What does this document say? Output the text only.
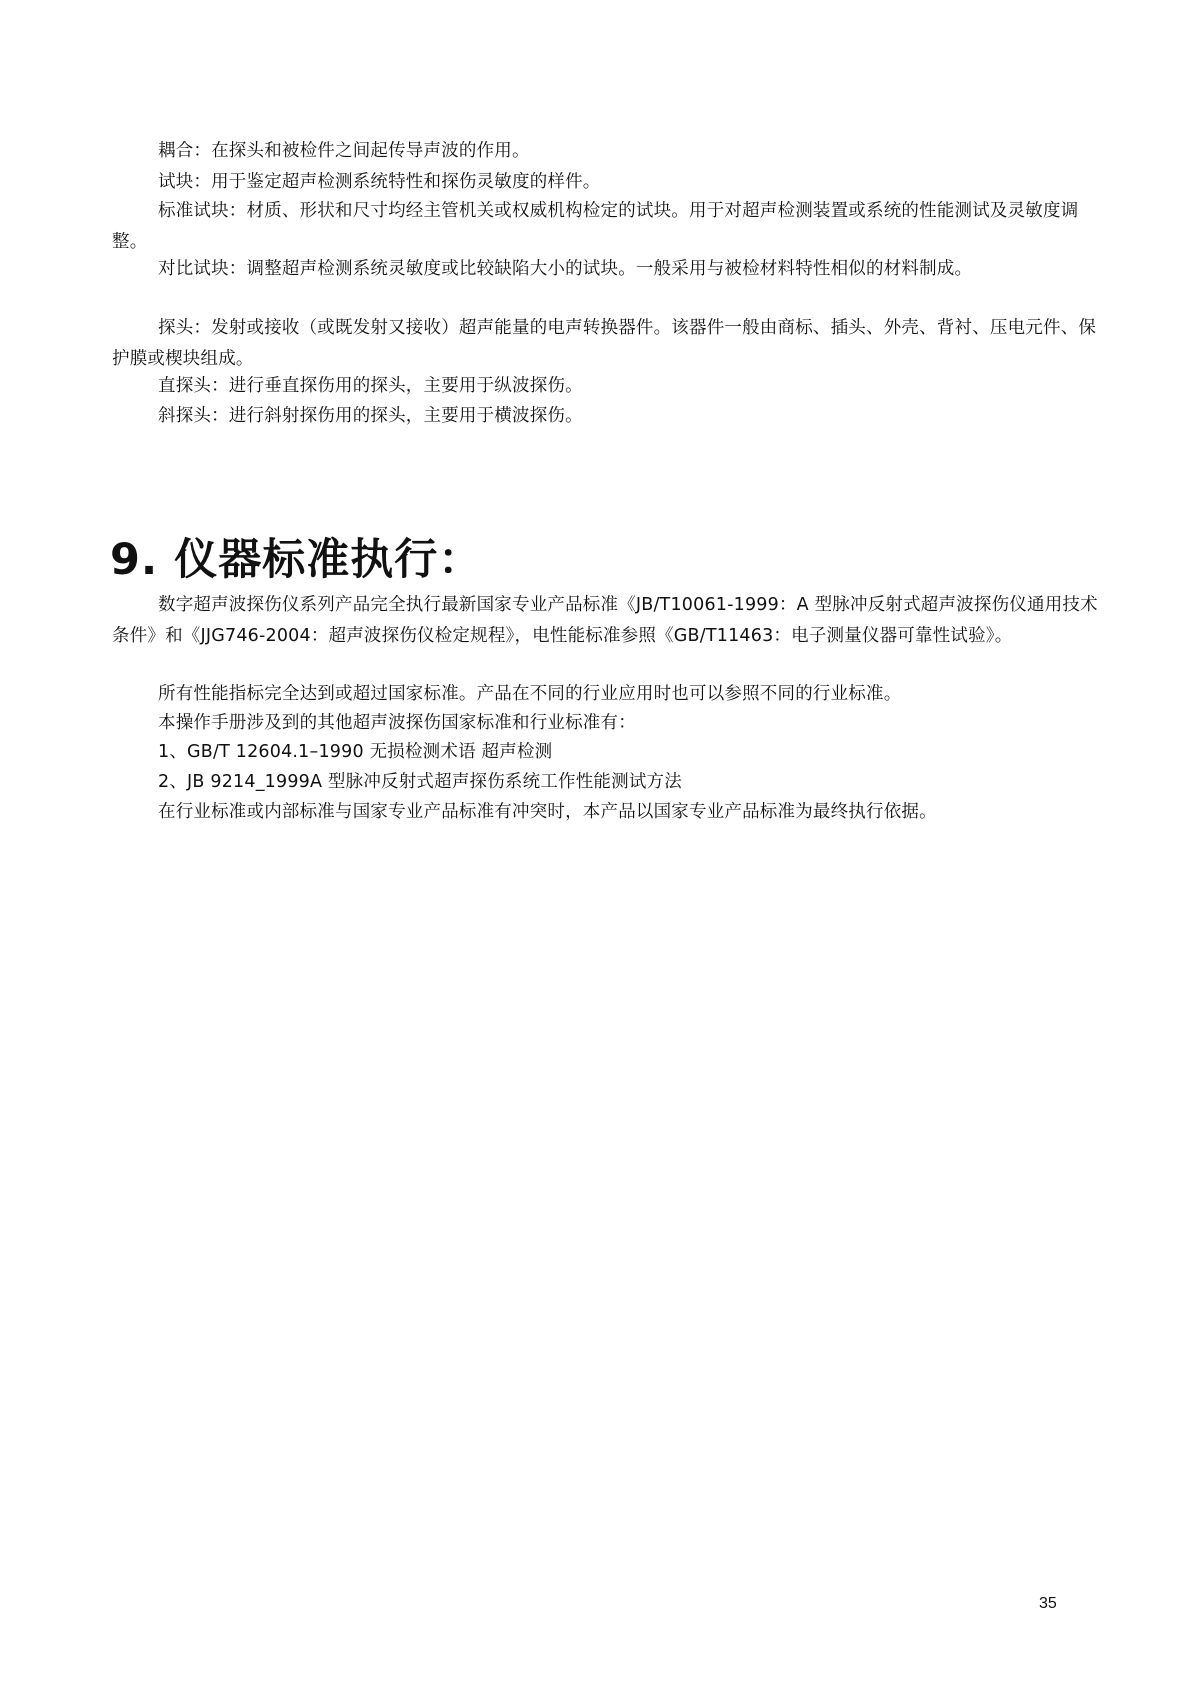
耦合：在探头和被检件之间起传导声波的作用。

试块：用于鉴定超声检测系统特性和探伤灵敏度的样件。

标准试块：材质、形状和尺寸均经主管机关或权威机构检定的试块。用于对超声检测装置或系统的性能测试及灵敏度调整。

对比试块：调整超声检测系统灵敏度或比较缺陷大小的试块。一般采用与被检材料特性相似的材料制成。

探头：发射或接收（或既发射又接收）超声能量的电声转换器件。该器件一般由商标、插头、外壳、背衬、压电元件、保护膜或楔块组成。

直探头：进行垂直探伤用的探头，主要用于纵波探伤。

斜探头：进行斜射探伤用的探头，主要用于横波探伤。

9. 仪器标准执行：

数字超声波探伤仪系列产品完全执行最新国家专业产品标准《JB/T10061-1999：A 型脉冲反射式超声波探伤仪通用技术条件》和《JJG746-2004：超声波探伤仪检定规程》，电性能标准参照《GB/T11463：电子测量仪器可靠性试验》。

所有性能指标完全达到或超过国家标准。产品在不同的行业应用时也可以参照不同的行业标准。

本操作手册涉及到的其他超声波探伤国家标准和行业标准有：

1、GB/T 12604.1–1990 无损检测术语 超声检测

2、JB 9214_1999A 型脉冲反射式超声探伤系统工作性能测试方法

在行业标准或内部标准与国家专业产品标准有冲突时，本产品以国家专业产品标准为最终执行依据。

35
